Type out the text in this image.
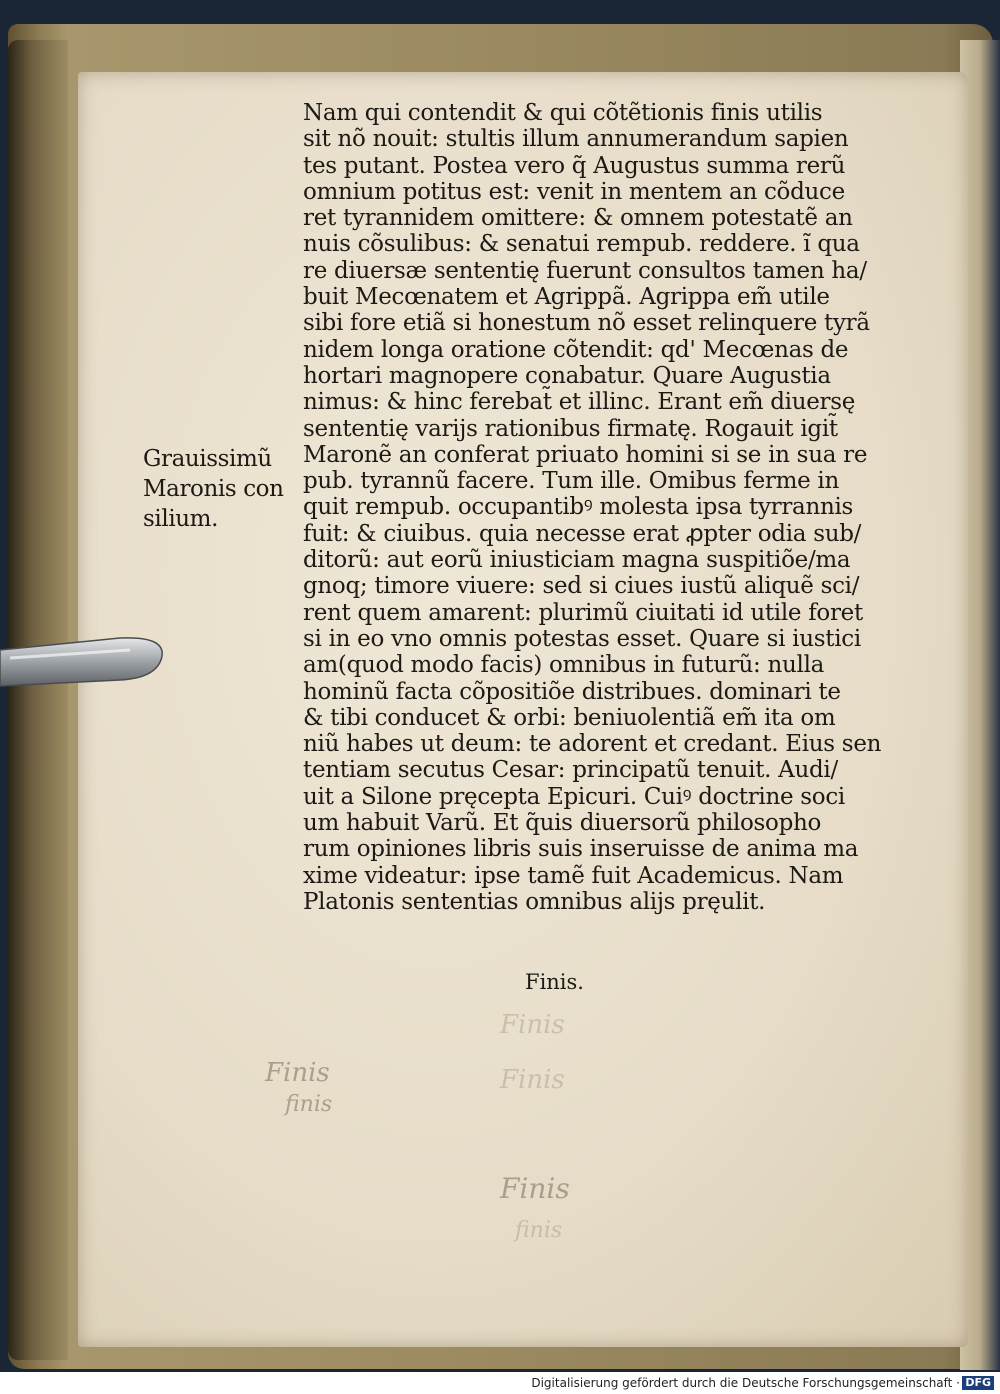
Grauissimũ
Maronis con
silium.
Nam qui contendit & qui cõtẽtionis finis utilis
sit nõ nouit: stultis illum annumerandum sapien
tes putant. Postea vero q̃ Augustus summa rerũ
omnium potitus est: venit in mentem an cõduce
ret tyrannidem omittere: & omnem potestatẽ an
nuis cõsulibus: & senatui rempub. reddere. ĩ qua
re diuersæ sententię fuerunt consultos tamen ha/
buit Mecœnatem et Agrippã. Agrippa em̃ utile
sibi fore etiã si honestum nõ esset relinquere tyrã
nidem longa oratione cõtendit: qd' Mecœnas de
hortari magnopere conabatur. Quare Augustia
nimus: & hinc ferebat̃ et illinc. Erant em̃ diuersę
sententię varijs rationibus firmatę. Rogauit igit̃
Maronẽ an conferat priuato homini si se in sua re
pub. tyrannũ facere. Tum ille. Omibus ferme in
quit rempub. occupantibꝰ molesta ipsa tyrrannis
fuit: & ciuibus. quia necesse erat ꝓpter odia sub/
ditorũ: aut eorũ iniusticiam magna suspitiõe/ma
gnoq; timore viuere: sed si ciues iustũ aliquẽ sci/
rent quem amarent: plurimũ ciuitati id utile foret
si in eo vno omnis potestas esset. Quare si iustici
am(quod modo facis) omnibus in futurũ: nulla
hominũ facta cõpositiõe distribues. dominari te
& tibi conducet & orbi: beniuolentiã em̃ ita om
niũ habes ut deum: te adorent et credant. Eius sen
tentiam secutus Cesar: principatũ tenuit. Audi/
uit a Silone pręcepta Epicuri. Cuiꝰ doctrine soci
um habuit Varũ. Et q̃uis diuersorũ philosopho
rum opiniones libris suis inseruisse de anima ma
xime videatur: ipse tamẽ fuit Academicus. Nam
Platonis sententias omnibus alijs pręulit.
Finis.
Finis
finis
Finis
Finis
finis
Finis
Digitalisierung gefördert durch die Deutsche Forschungsgemeinschaft · DFG
